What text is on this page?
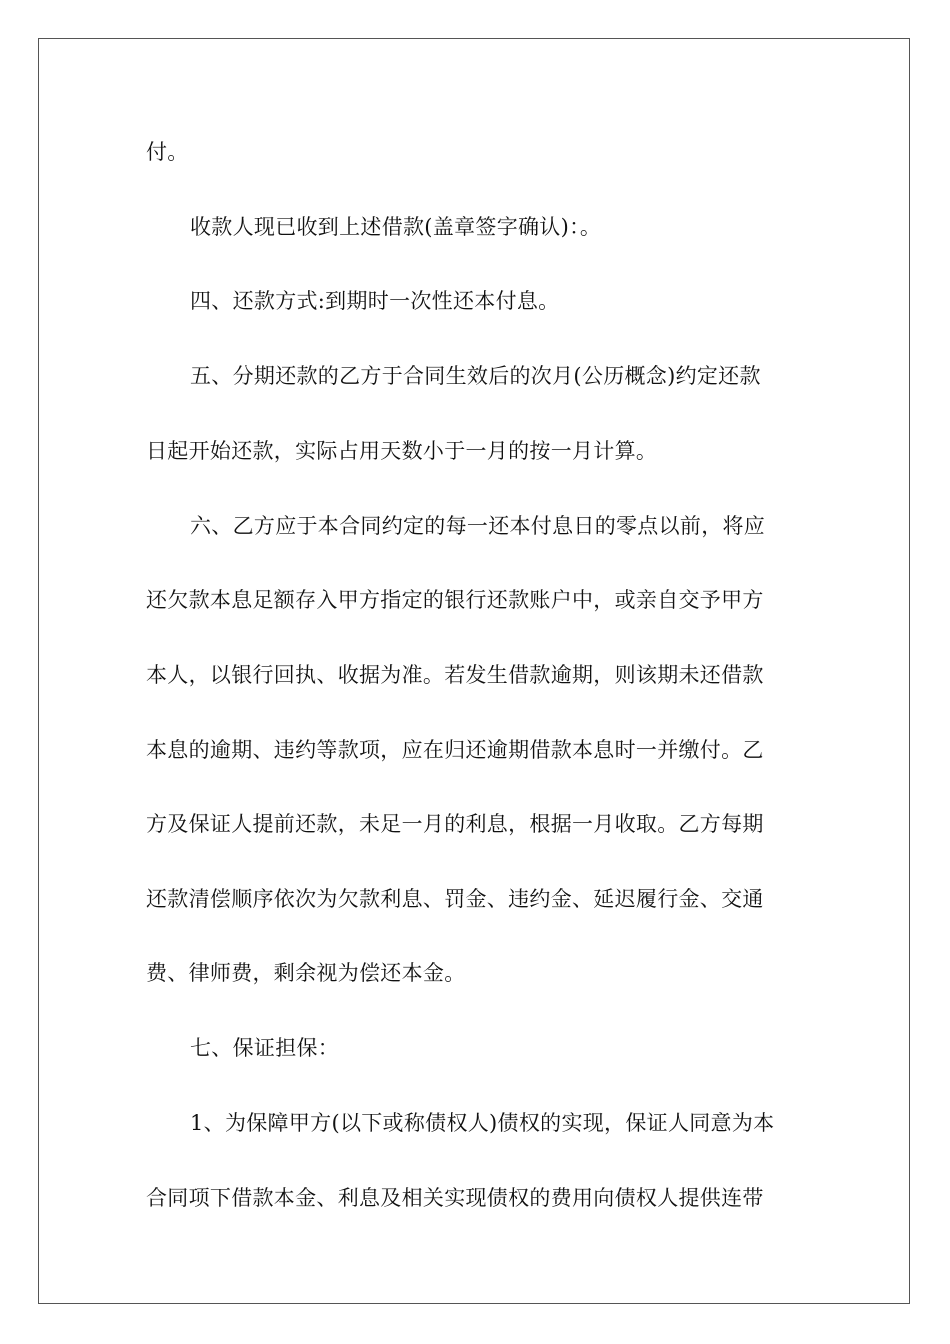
付。
收款人现已收到上述借款(盖章签字确认)：。
四、还款方式:到期时一次性还本付息。
五、分期还款的乙方于合同生效后的次月(公历概念)约定还款
日起开始还款，实际占用天数小于一月的按一月计算。
六、乙方应于本合同约定的每一还本付息日的零点以前，将应
还欠款本息足额存入甲方指定的银行还款账户中，或亲自交予甲方
本人，以银行回执、收据为准。若发生借款逾期，则该期未还借款
本息的逾期、违约等款项，应在归还逾期借款本息时一并缴付。乙
方及保证人提前还款，未足一月的利息，根据一月收取。乙方每期
还款清偿顺序依次为欠款利息、罚金、违约金、延迟履行金、交通
费、律师费，剩余视为偿还本金。
七、保证担保：
1、为保障甲方(以下或称债权人)债权的实现，保证人同意为本
合同项下借款本金、利息及相关实现债权的费用向债权人提供连带
